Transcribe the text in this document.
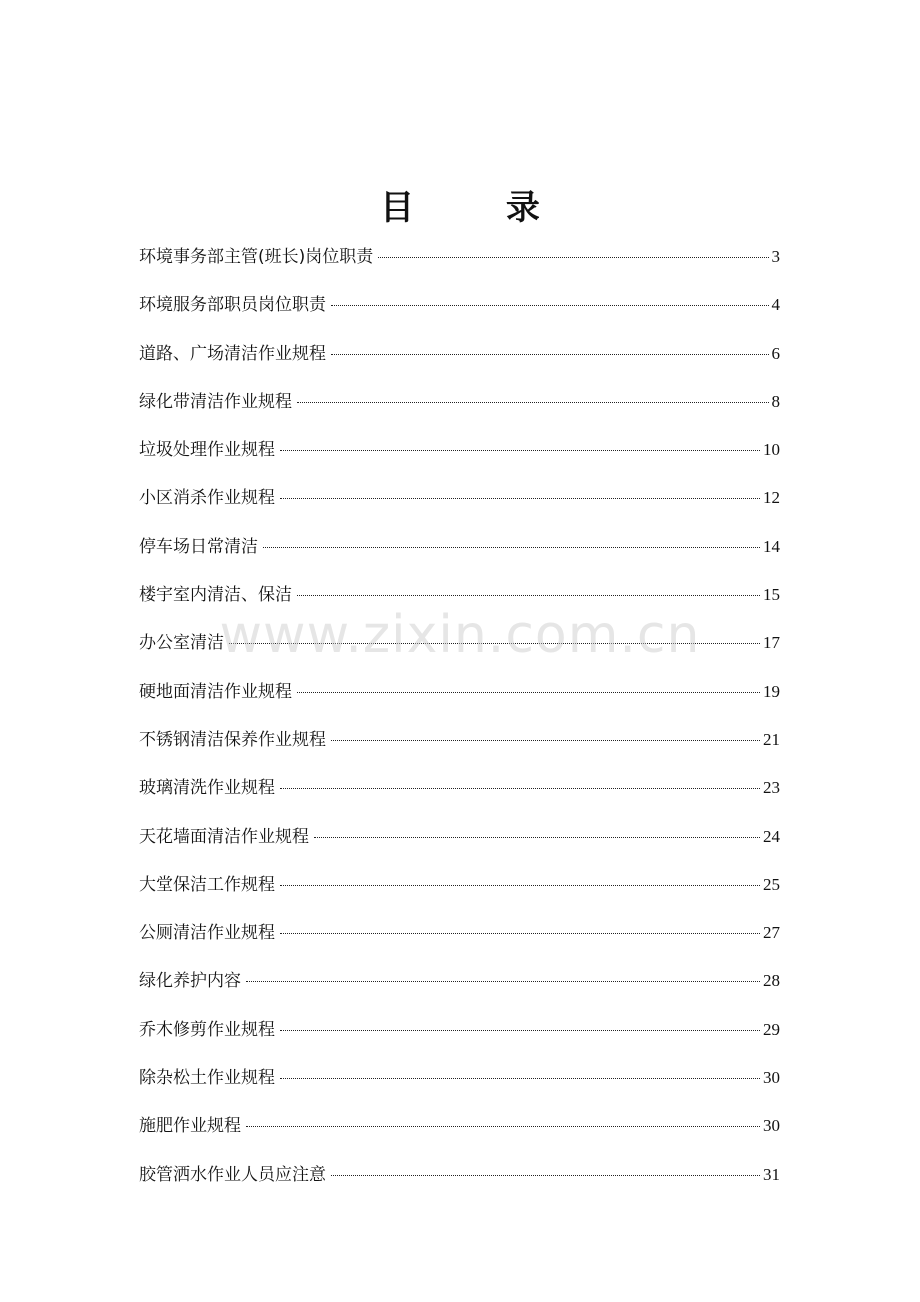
目 录
环境事务部主管(班长)岗位职责	3
环境服务部职员岗位职责	4
道路、广场清洁作业规程	6
绿化带清洁作业规程	8
垃圾处理作业规程	10
小区消杀作业规程	12
停车场日常清洁	14
楼宇室内清洁、保洁	15
办公室清洁	17
硬地面清洁作业规程	19
不锈钢清洁保养作业规程	21
玻璃清洗作业规程	23
天花墙面清洁作业规程	24
大堂保洁工作规程	25
公厕清洁作业规程	27
绿化养护内容	28
乔木修剪作业规程	29
除杂松土作业规程	30
施肥作业规程	30
胶管洒水作业人员应注意	31
www.zixin.com.cn
